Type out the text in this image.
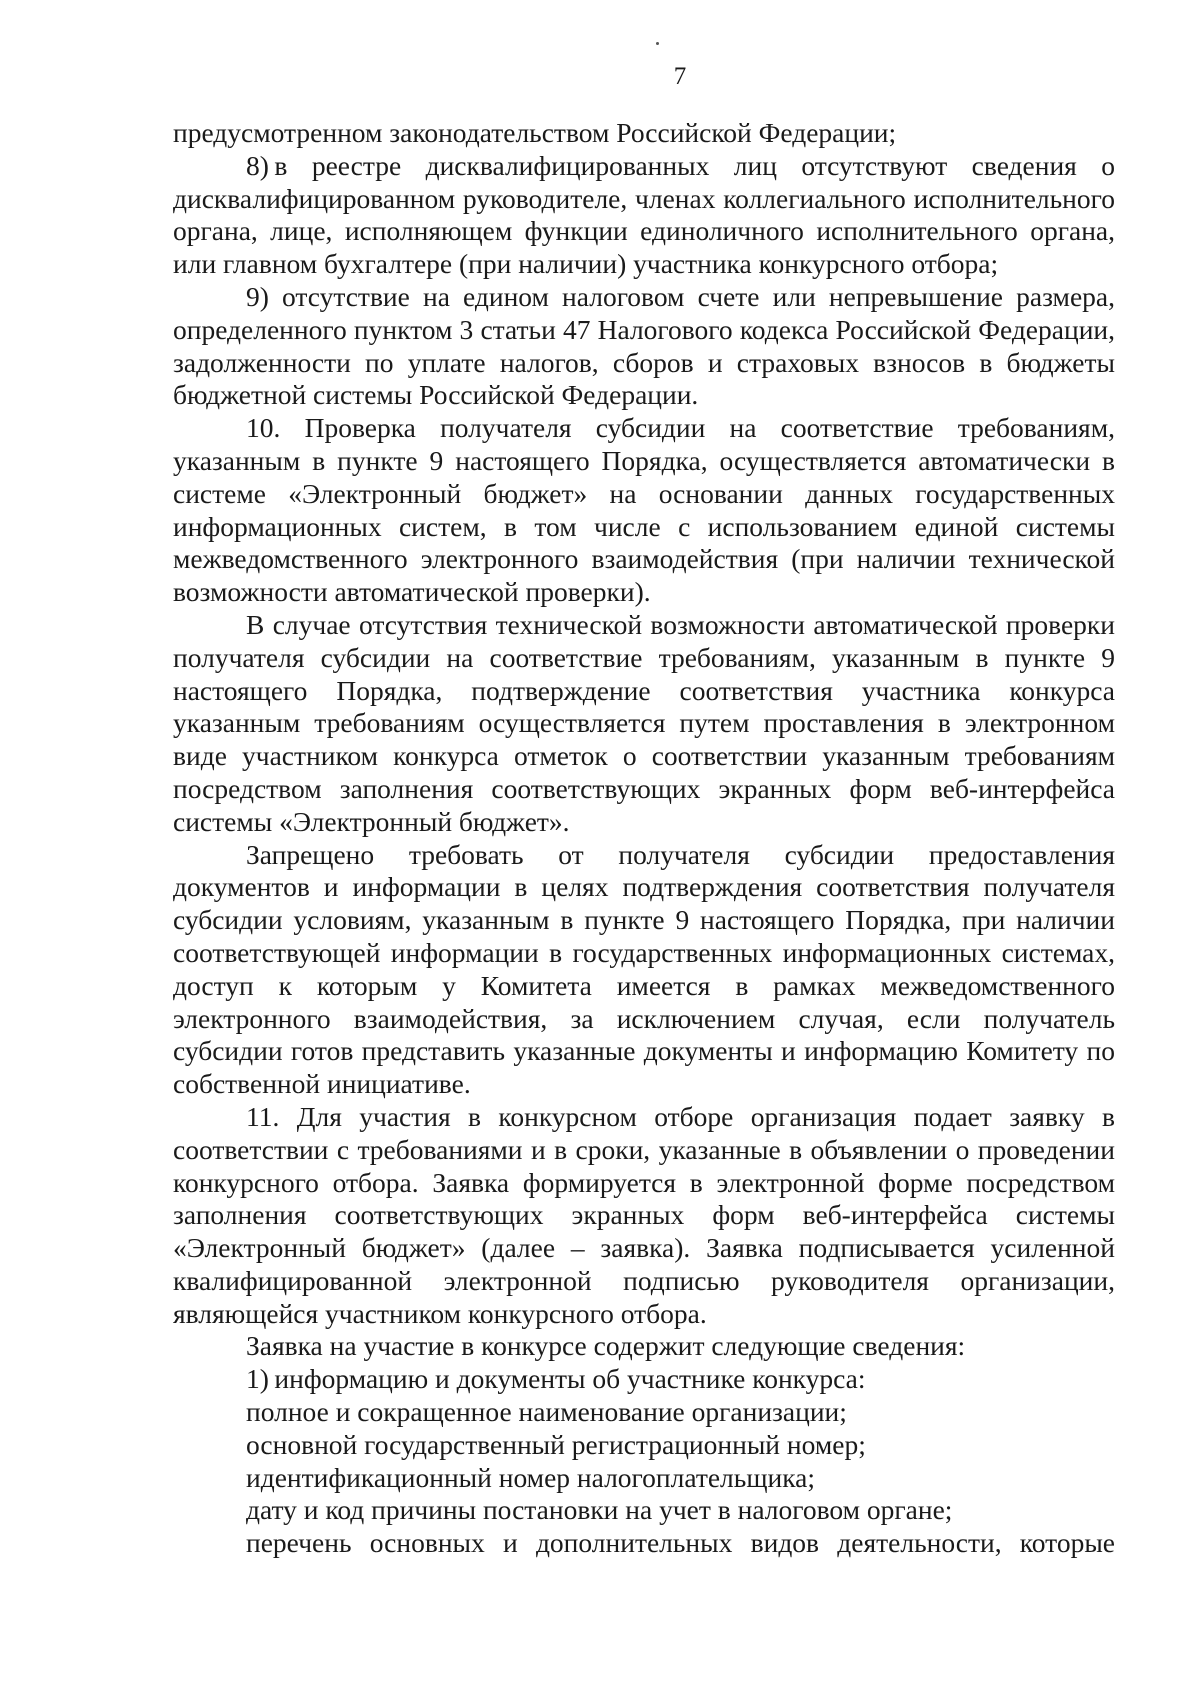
7

предусмотренном законодательством Российской Федерации;

8) в реестре дисквалифицированных лиц отсутствуют сведения о дисквалифицированном руководителе, членах коллегиального исполнительного органа, лице, исполняющем функции единоличного исполнительного органа, или главном бухгалтере (при наличии) участника конкурсного отбора;

9) отсутствие на едином налоговом счете или непревышение размера, определенного пунктом 3 статьи 47 Налогового кодекса Российской Федерации, задолженности по уплате налогов, сборов и страховых взносов в бюджеты бюджетной системы Российской Федерации.

10. Проверка получателя субсидии на соответствие требованиям, указанным в пункте 9 настоящего Порядка, осуществляется автоматически в системе «Электронный бюджет» на основании данных государственных информационных систем, в том числе с использованием единой системы межведомственного электронного взаимодействия (при наличии технической возможности автоматической проверки).

В случае отсутствия технической возможности автоматической проверки получателя субсидии на соответствие требованиям, указанным в пункте 9 настоящего Порядка, подтверждение соответствия участника конкурса указанным требованиям осуществляется путем проставления в электронном виде участником конкурса отметок о соответствии указанным требованиям посредством заполнения соответствующих экранных форм веб-интерфейса системы «Электронный бюджет».

Запрещено требовать от получателя субсидии предоставления документов и информации в целях подтверждения соответствия получателя субсидии условиям, указанным в пункте 9 настоящего Порядка, при наличии соответствующей информации в государственных информационных системах, доступ к которым у Комитета имеется в рамках межведомственного электронного взаимодействия, за исключением случая, если получатель субсидии готов представить указанные документы и информацию Комитету по собственной инициативе.

11. Для участия в конкурсном отборе организация подает заявку в соответствии с требованиями и в сроки, указанные в объявлении о проведении конкурсного отбора. Заявка формируется в электронной форме посредством заполнения соответствующих экранных форм веб-интерфейса системы «Электронный бюджет» (далее – заявка). Заявка подписывается усиленной квалифицированной электронной подписью руководителя организации, являющейся участником конкурсного отбора.

Заявка на участие в конкурсе содержит следующие сведения:

1) информацию и документы об участнике конкурса:

полное и сокращенное наименование организации;

основной государственный регистрационный номер;

идентификационный номер налогоплательщика;

дату и код причины постановки на учет в налоговом органе;

перечень основных и дополнительных видов деятельности, которые
